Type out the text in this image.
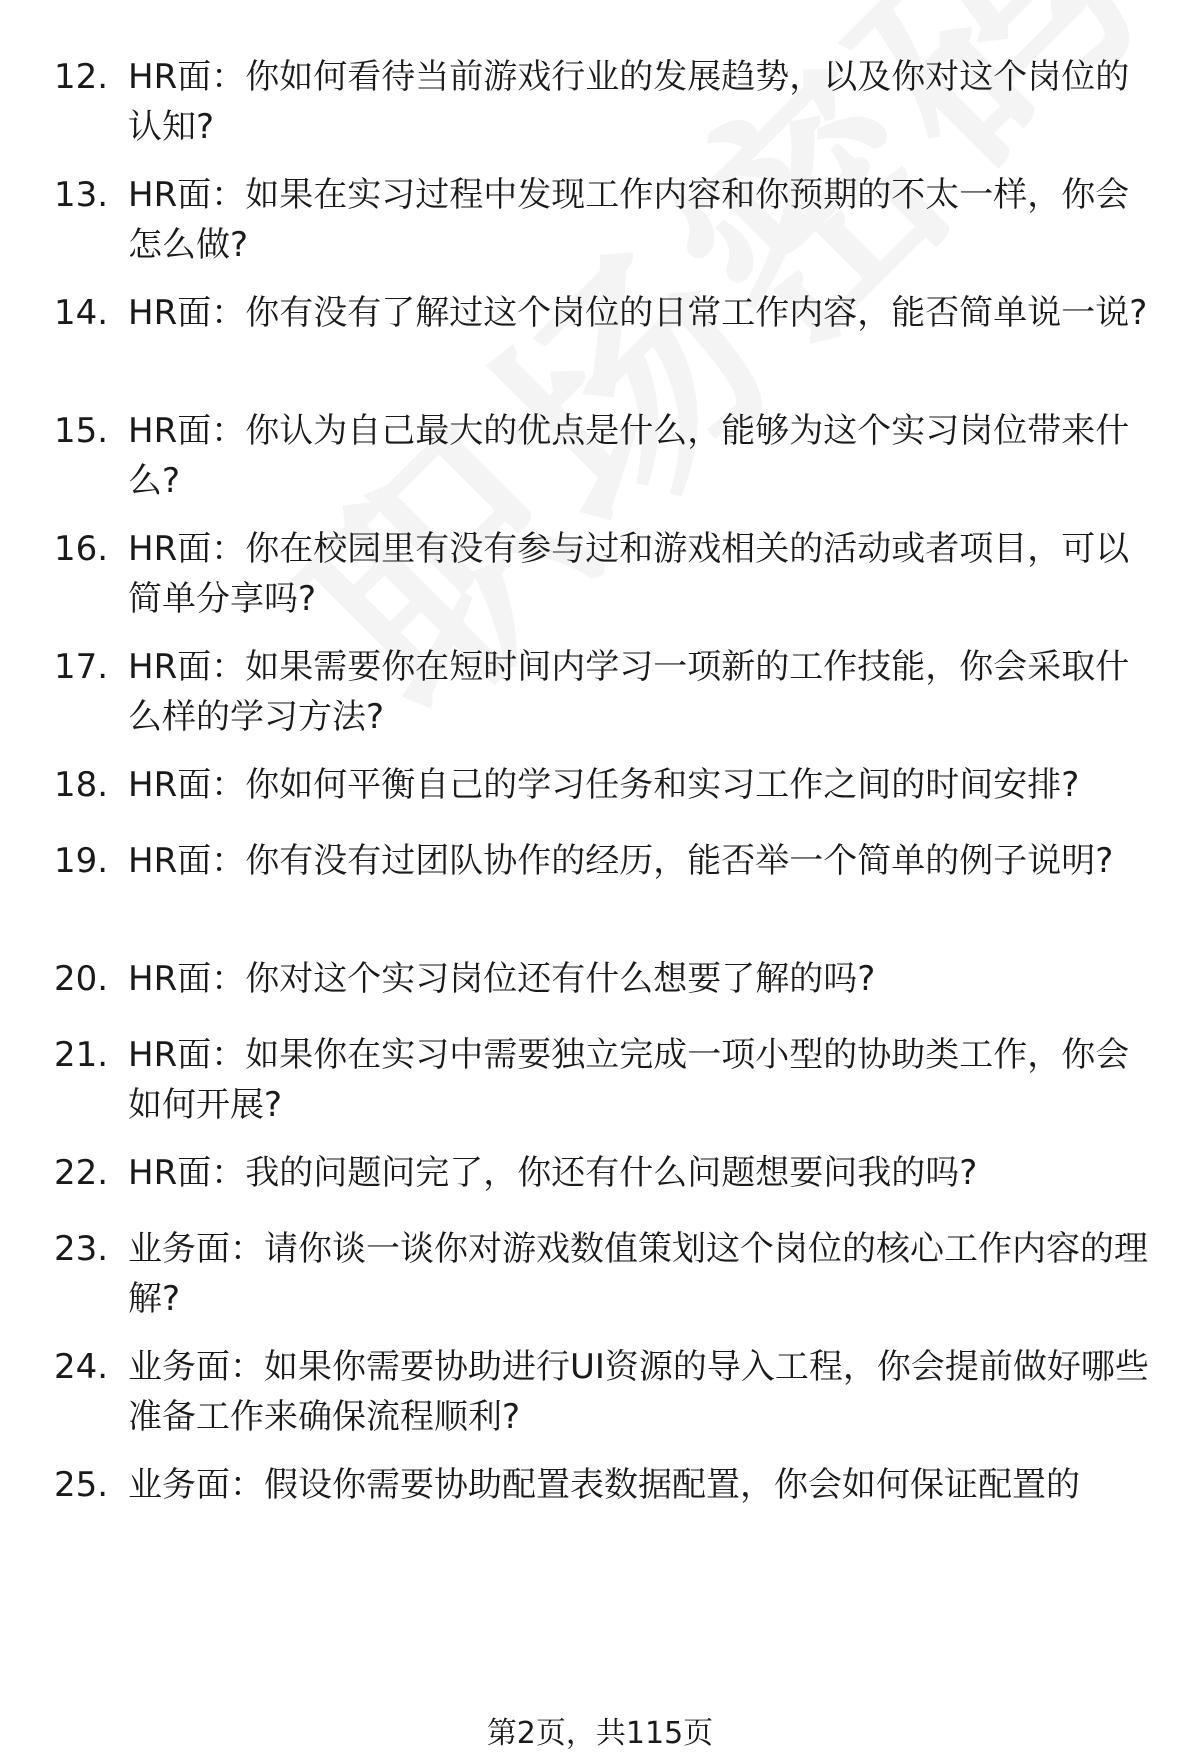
12. HR面：你如何看待当前游戏行业的发展趋势，以及你对这个岗位的认知?
13. HR面：如果在实习过程中发现工作内容和你预期的不太一样，你会怎么做?
14. HR面：你有没有了解过这个岗位的日常工作内容，能否简单说一说?
15. HR面：你认为自己最大的优点是什么，能够为这个实习岗位带来什么?
16. HR面：你在校园里有没有参与过和游戏相关的活动或者项目，可以简单分享吗?
17. HR面：如果需要你在短时间内学习一项新的工作技能，你会采取什么样的学习方法?
18. HR面：你如何平衡自己的学习任务和实习工作之间的时间安排?
19. HR面：你有没有过团队协作的经历，能否举一个简单的例子说明?
20. HR面：你对这个实习岗位还有什么想要了解的吗?
21. HR面：如果你在实习中需要独立完成一项小型的协助类工作，你会如何开展?
22. HR面：我的问题问完了，你还有什么问题想要问我的吗?
23. 业务面：请你谈一谈你对游戏数值策划这个岗位的核心工作内容的理解?
24. 业务面：如果你需要协助进行UI资源的导入工程，你会提前做好哪些准备工作来确保流程顺利?
25. 业务面：假设你需要协助配置表数据配置，你会如何保证配置的
第2页，共115页
